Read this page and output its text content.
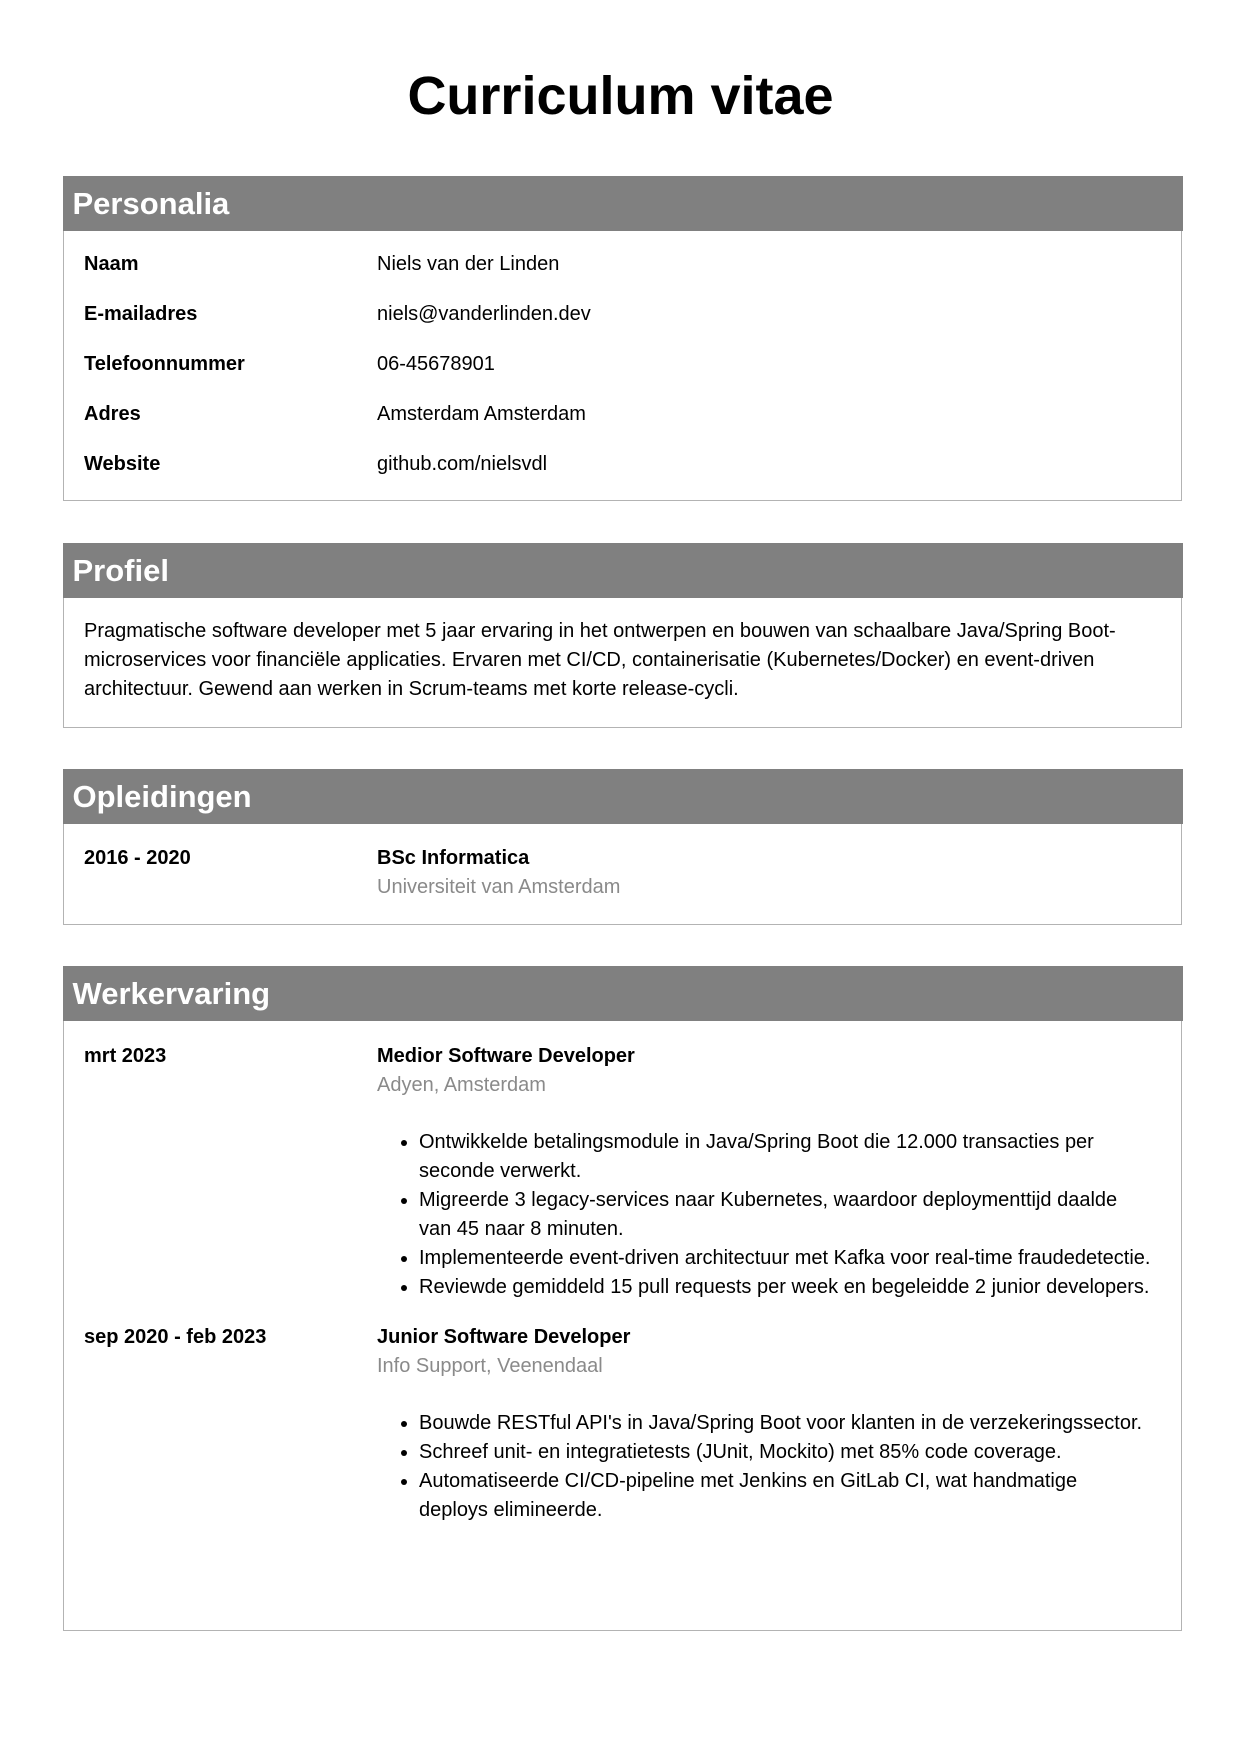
Curriculum vitae
Personalia
Naam	Niels van der Linden
E-mailadres	niels@vanderlinden.dev
Telefoonnummer	06-45678901
Adres	Amsterdam Amsterdam
Website	github.com/nielsvdl
Profiel
Pragmatische software developer met 5 jaar ervaring in het ontwerpen en bouwen van schaalbare Java/Spring Boot-microservices voor financiële applicaties. Ervaren met CI/CD, containerisatie (Kubernetes/Docker) en event-driven architectuur. Gewend aan werken in Scrum-teams met korte release-cycli.
Opleidingen
2016 - 2020	BSc Informatica
Universiteit van Amsterdam
Werkervaring
mrt 2023	Medior Software Developer
Adyen, Amsterdam
• Ontwikkelde betalingsmodule in Java/Spring Boot die 12.000 transacties per seconde verwerkt.
• Migreerde 3 legacy-services naar Kubernetes, waardoor deploymenttijd daalde van 45 naar 8 minuten.
• Implementeerde event-driven architectuur met Kafka voor real-time fraudedetectie.
• Reviewde gemiddeld 15 pull requests per week en begeleidde 2 junior developers.
sep 2020 - feb 2023	Junior Software Developer
Info Support, Veenendaal
• Bouwde RESTful API's in Java/Spring Boot voor klanten in de verzekeringssector.
• Schreef unit- en integratietests (JUnit, Mockito) met 85% code coverage.
• Automatiseerde CI/CD-pipeline met Jenkins en GitLab CI, wat handmatige deploys elimineerde.
